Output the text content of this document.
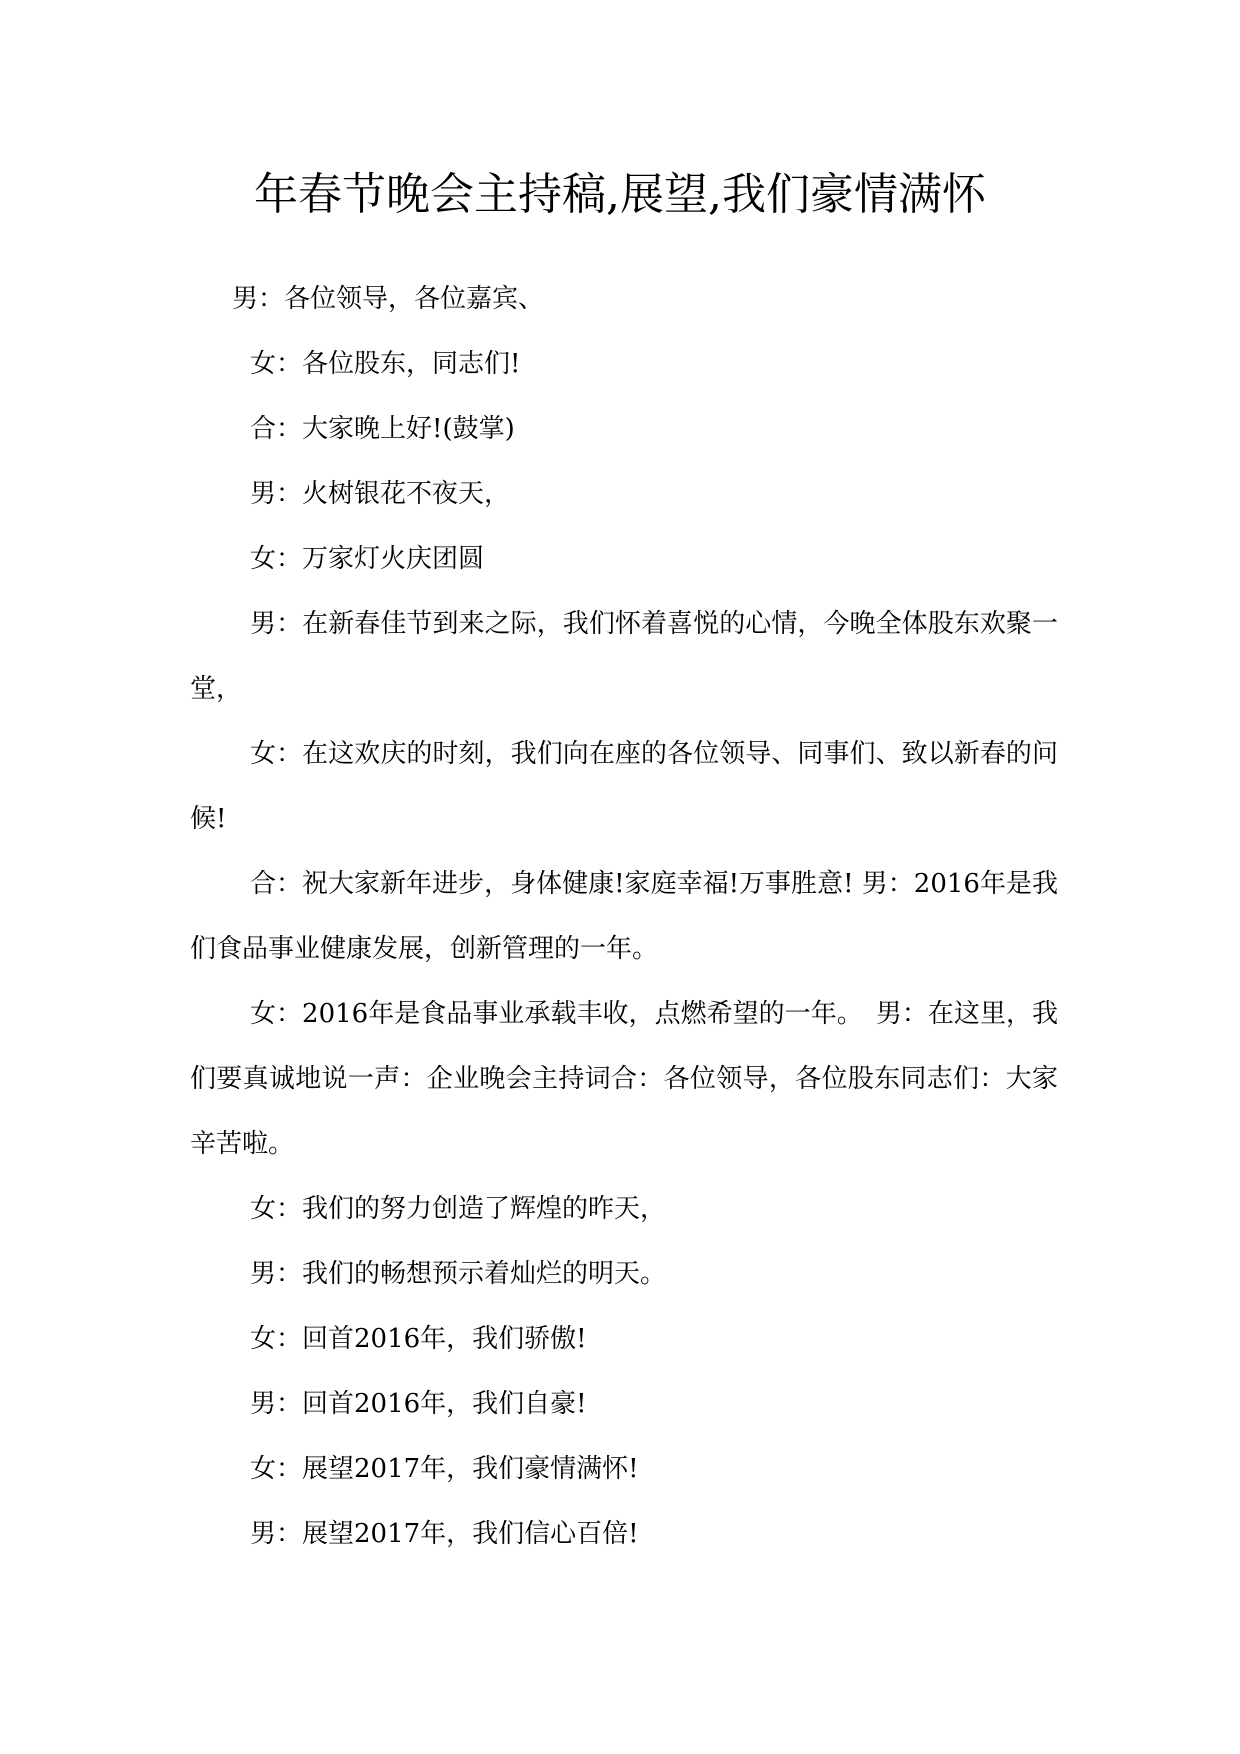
年春节晚会主持稿,展望,我们豪情满怀

男：各位领导，各位嘉宾、

女：各位股东，同志们!

合：大家晚上好!(鼓掌)

男：火树银花不夜天，

女：万家灯火庆团圆

男：在新春佳节到来之际，我们怀着喜悦的心情，今晚全体股东欢聚一堂，

女：在这欢庆的时刻，我们向在座的各位领导、同事们、致以新春的问候!

合：祝大家新年进步，身体健康!家庭幸福!万事胜意! 男：2016年是我们食品事业健康发展，创新管理的一年。

女：2016年是食品事业承载丰收，点燃希望的一年。　男：在这里，我们要真诚地说一声：企业晚会主持词合：各位领导，各位股东同志们：大家辛苦啦。

女：我们的努力创造了辉煌的昨天，

男：我们的畅想预示着灿烂的明天。

女：回首2016年，我们骄傲!

男：回首2016年，我们自豪!

女：展望2017年，我们豪情满怀!

男：展望2017年，我们信心百倍!
